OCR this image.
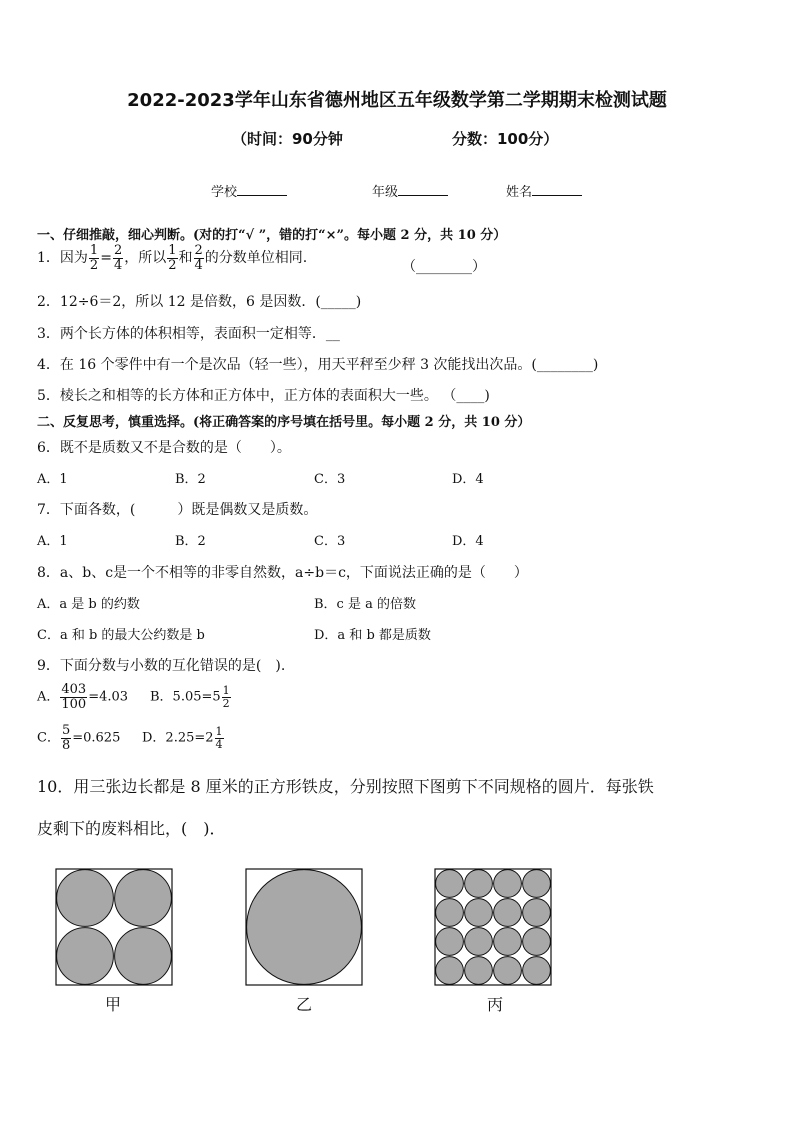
2022-2023学年山东省德州地区五年级数学第二学期期末检测试题
（时间：90分钟	分数：100分）
学校	年级	姓名
一、仔细推敲，细心判断。(对的打“√ ”，错的打“×”。每小题 2 分，共 10 分）
1．因为 $\frac{1}{2} = \frac{2}{4}$ ，所以 $\frac{1}{2}$ 和 $\frac{2}{4}$ 的分数单位相同.
（________）
2．12÷6＝2，所以 12 是倍数，6 是因数．(_____)
3．两个长方体的体积相等，表面积一定相等．__
4．在 16 个零件中有一个是次品（轻一些），用天平秤至少秤 3 次能找出次品。(________)
5．棱长之和相等的长方体和正方体中，正方体的表面积大一些。 （____)
二、反复思考，慎重选择。(将正确答案的序号填在括号里。每小题 2 分，共 10 分）
6．既不是质数又不是合数的是（　　）。
A．1	B．2	C．3	D．4
7．下面各数，(　　　）既是偶数又是质数。
A．1	B．2	C．3	D．4
8．a、b、c是一个不相等的非零自然数，a÷b＝c，下面说法正确的是（　　）
A．a 是 b 的约数	B．c 是 a 的倍数
C．a 和 b 的最大公约数是 b	D．a 和 b 都是质数
9．下面分数与小数的互化错误的是(　).
A． $\frac{403}{100} =4.03$ B．$5.05=5 \frac{1}{2}$
C． $\frac{5}{8} =0.625$ D．$2.25=2 \frac{1}{4}$
10．用三张边长都是 8 厘米的正方形铁皮，分别按照下图剪下不同规格的圆片．每张铁
皮剩下的废料相比，(　)．
甲	乙	丙
